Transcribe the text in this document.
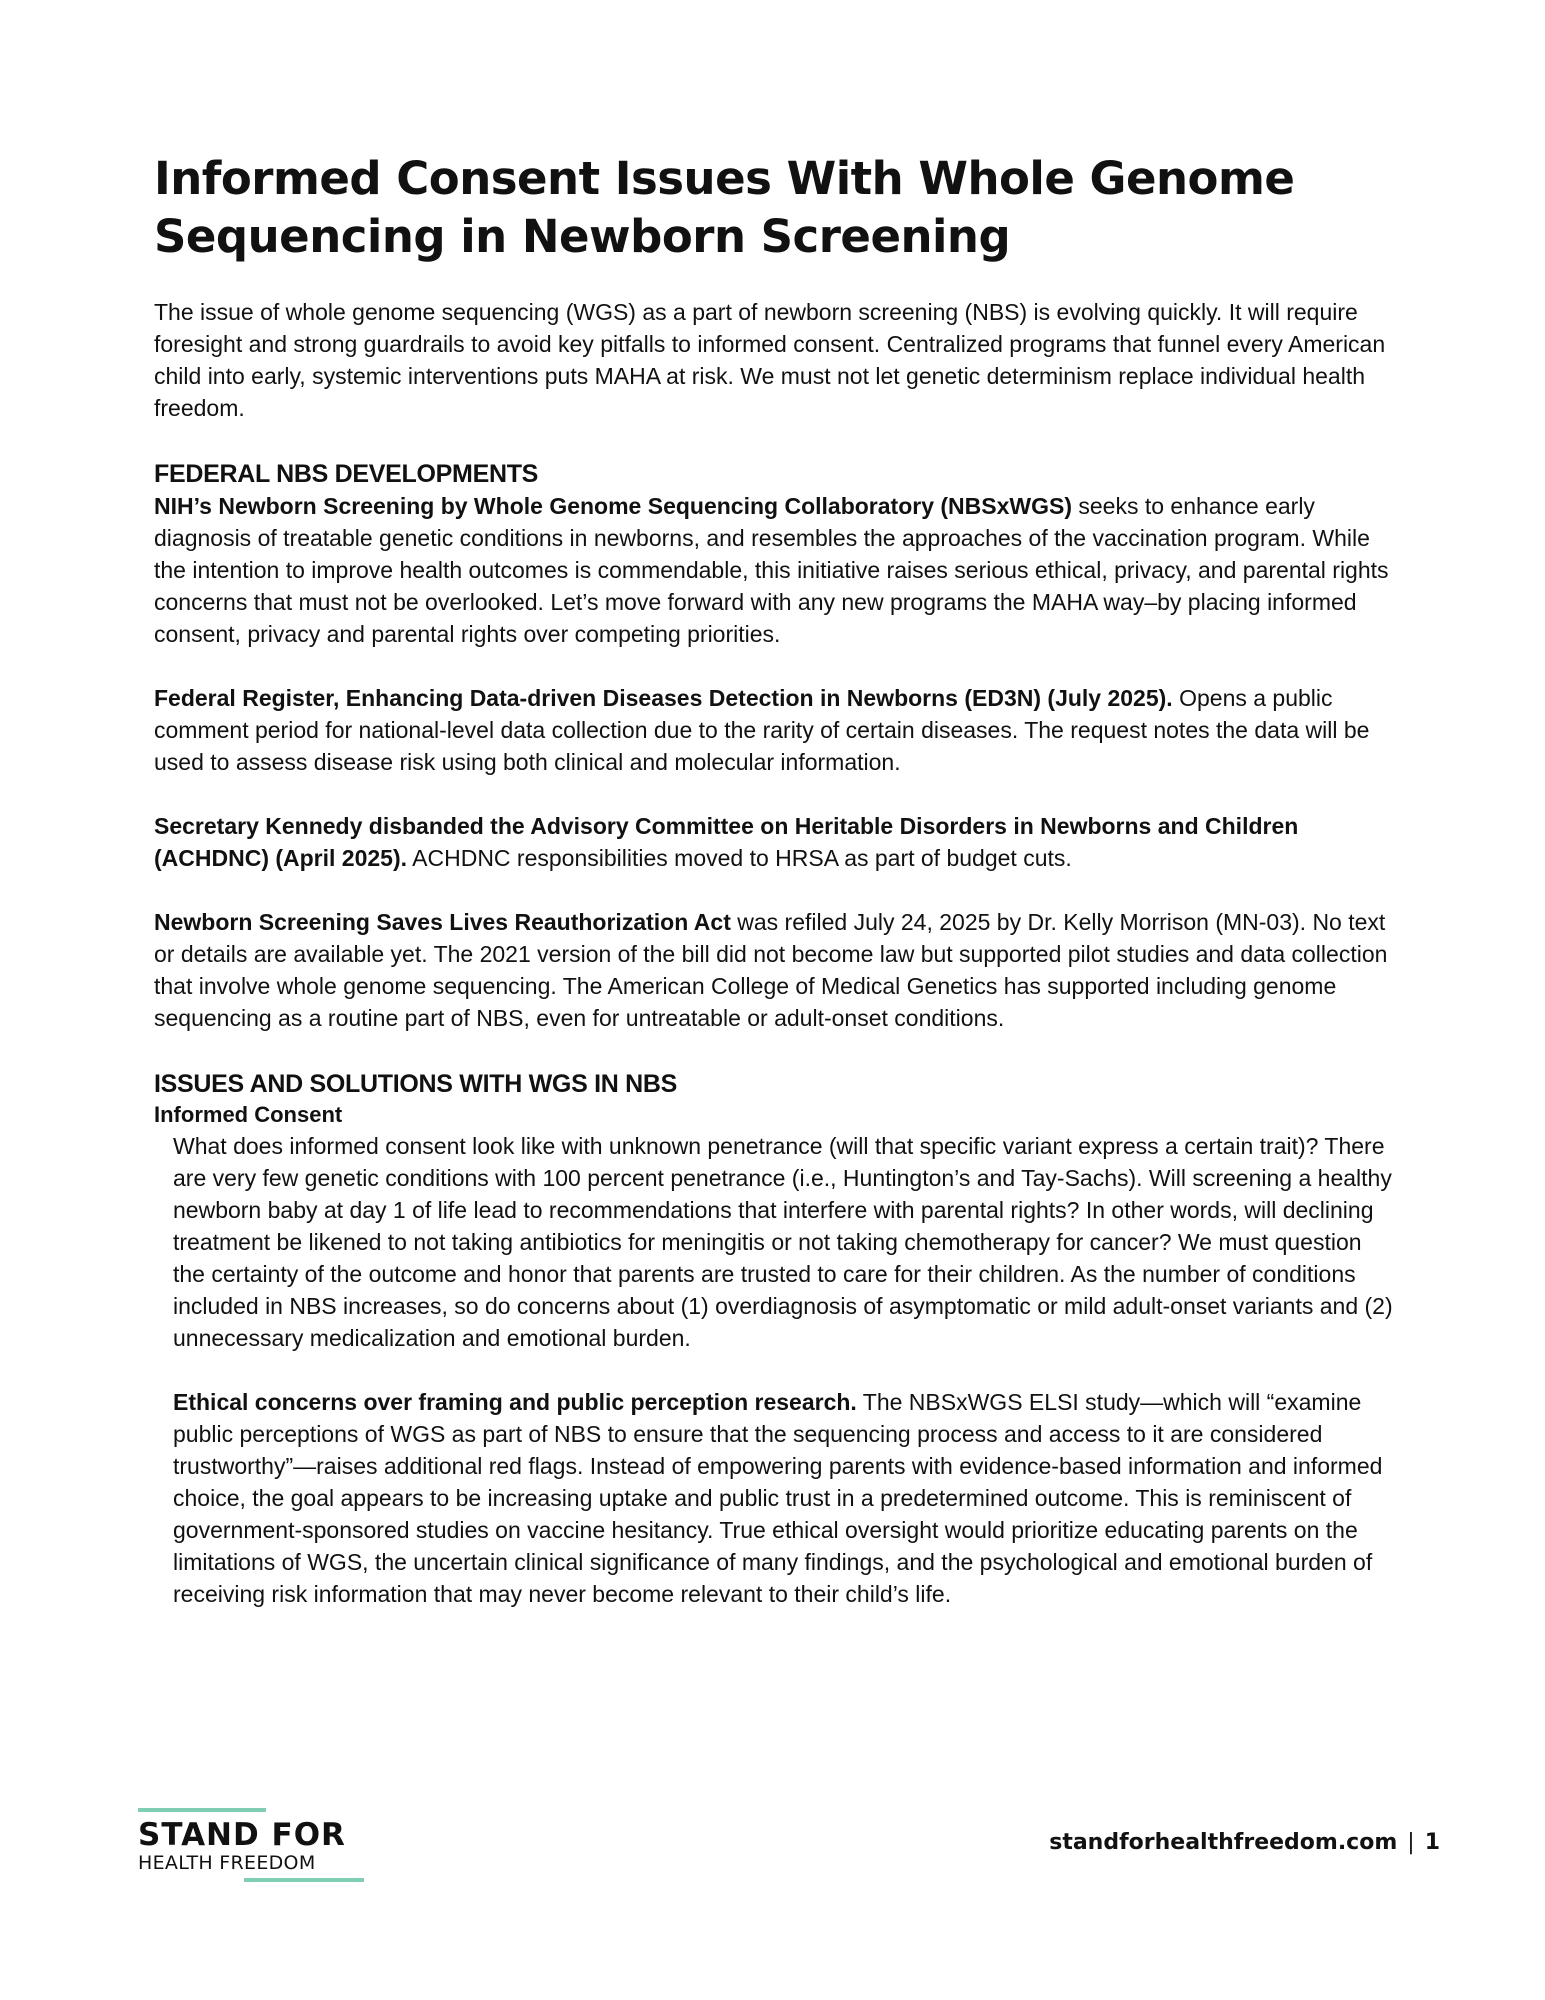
Informed Consent Issues With Whole Genome Sequencing in Newborn Screening

The issue of whole genome sequencing (WGS) as a part of newborn screening (NBS) is evolving quickly. It will require foresight and strong guardrails to avoid key pitfalls to informed consent. Centralized programs that funnel every American child into early, systemic interventions puts MAHA at risk. We must not let genetic determinism replace individual health freedom.

FEDERAL NBS DEVELOPMENTS

NIH’s Newborn Screening by Whole Genome Sequencing Collaboratory (NBSxWGS) seeks to enhance early diagnosis of treatable genetic conditions in newborns, and resembles the approaches of the vaccination program. While the intention to improve health outcomes is commendable, this initiative raises serious ethical, privacy, and parental rights concerns that must not be overlooked. Let’s move forward with any new programs the MAHA way–by placing informed consent, privacy and parental rights over competing priorities.

Federal Register, Enhancing Data-driven Diseases Detection in Newborns (ED3N) (July 2025). Opens a public comment period for national-level data collection due to the rarity of certain diseases. The request notes the data will be used to assess disease risk using both clinical and molecular information.

Secretary Kennedy disbanded the Advisory Committee on Heritable Disorders in Newborns and Children (ACHDNC) (April 2025). ACHDNC responsibilities moved to HRSA as part of budget cuts.

Newborn Screening Saves Lives Reauthorization Act was refiled July 24, 2025 by Dr. Kelly Morrison (MN-03). No text or details are available yet. The 2021 version of the bill did not become law but supported pilot studies and data collection that involve whole genome sequencing. The American College of Medical Genetics has supported including genome sequencing as a routine part of NBS, even for untreatable or adult-onset conditions.

ISSUES AND SOLUTIONS WITH WGS IN NBS
Informed Consent

What does informed consent look like with unknown penetrance (will that specific variant express a certain trait)? There are very few genetic conditions with 100 percent penetrance (i.e., Huntington’s and Tay-Sachs). Will screening a healthy newborn baby at day 1 of life lead to recommendations that interfere with parental rights? In other words, will declining treatment be likened to not taking antibiotics for meningitis or not taking chemotherapy for cancer? We must question the certainty of the outcome and honor that parents are trusted to care for their children. As the number of conditions included in NBS increases, so do concerns about (1) overdiagnosis of asymptomatic or mild adult-onset variants and (2) unnecessary medicalization and emotional burden.

Ethical concerns over framing and public perception research. The NBSxWGS ELSI study—which will “examine public perceptions of WGS as part of NBS to ensure that the sequencing process and access to it are considered trustworthy”—raises additional red flags. Instead of empowering parents with evidence-based information and informed choice, the goal appears to be increasing uptake and public trust in a predetermined outcome. This is reminiscent of government-sponsored studies on vaccine hesitancy. True ethical oversight would prioritize educating parents on the limitations of WGS, the uncertain clinical significance of many findings, and the psychological and emotional burden of receiving risk information that may never become relevant to their child’s life.

STAND FOR
HEALTH FREEDOM
standforhealthfreedom.com | 1
